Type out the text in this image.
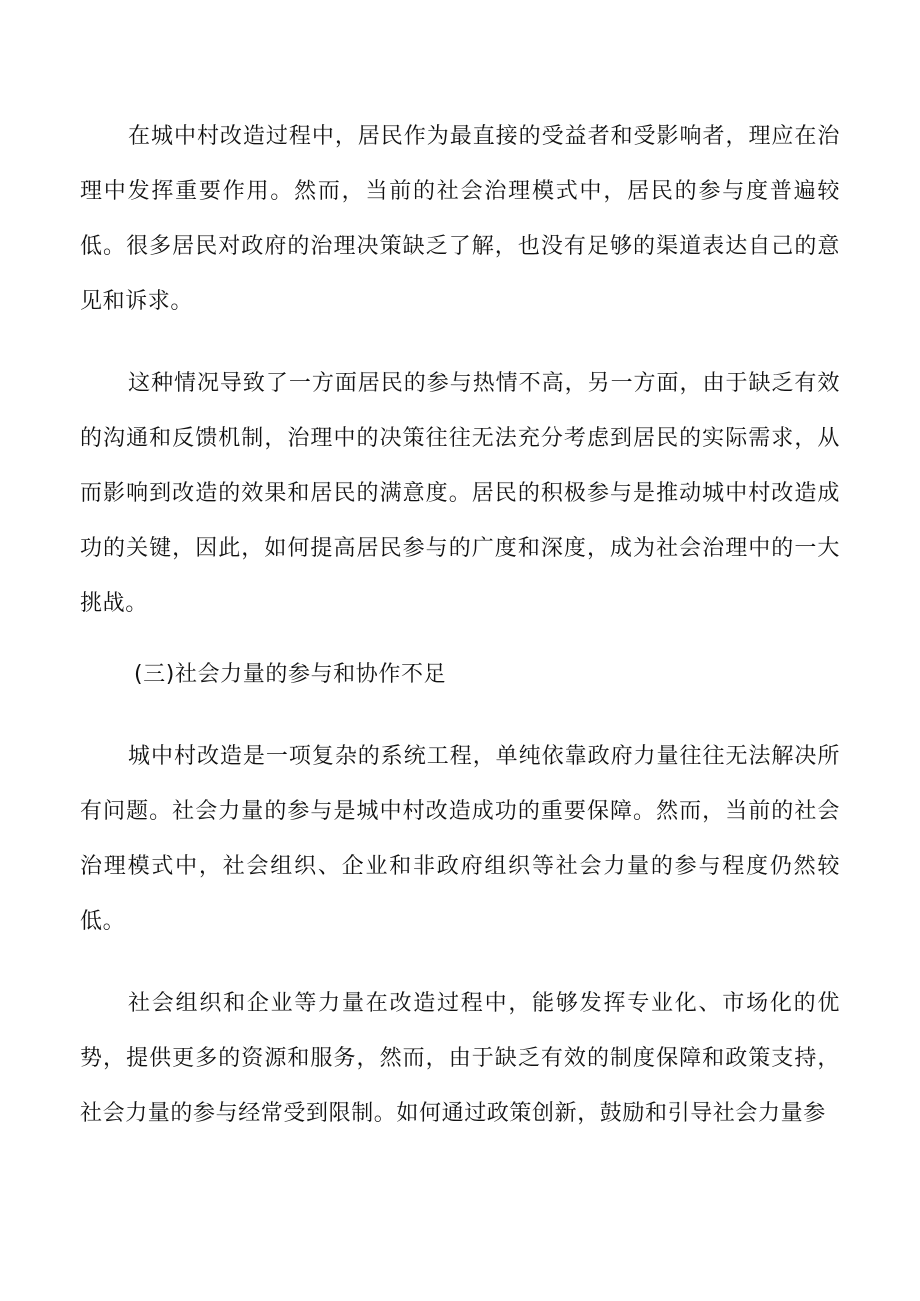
在城中村改造过程中，居民作为最直接的受益者和受影响者，理应在治理中发挥重要作用。然而，当前的社会治理模式中，居民的参与度普遍较低。很多居民对政府的治理决策缺乏了解，也没有足够的渠道表达自己的意见和诉求。

这种情况导致了一方面居民的参与热情不高，另一方面，由于缺乏有效的沟通和反馈机制，治理中的决策往往无法充分考虑到居民的实际需求，从而影响到改造的效果和居民的满意度。居民的积极参与是推动城中村改造成功的关键，因此，如何提高居民参与的广度和深度，成为社会治理中的一大挑战。

(三)社会力量的参与和协作不足

城中村改造是一项复杂的系统工程，单纯依靠政府力量往往无法解决所有问题。社会力量的参与是城中村改造成功的重要保障。然而，当前的社会治理模式中，社会组织、企业和非政府组织等社会力量的参与程度仍然较低。

社会组织和企业等力量在改造过程中，能够发挥专业化、市场化的优势，提供更多的资源和服务，然而，由于缺乏有效的制度保障和政策支持，社会力量的参与经常受到限制。如何通过政策创新，鼓励和引导社会力量参
